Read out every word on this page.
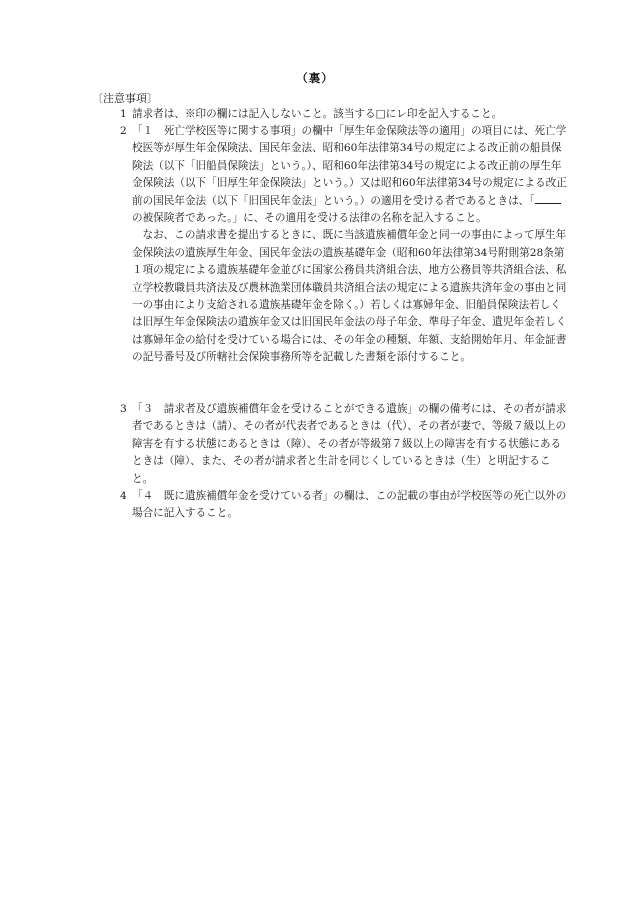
（裏）
〔注意事項〕
1 請求者は、※印の欄には記入しないこと。該当する□にレ印を記入すること。
2 「１　死亡学校医等に関する事項」の欄中「厚生年金保険法等の適用」の項目には、死亡学校医等が厚生年金保険法、国民年金法、昭和60年法律第34号の規定による改正前の船員保険法（以下「旧船員保険法」という。）、昭和60年法律第34号の規定による改正前の厚生年金保険法（以下「旧厚生年金保険法」という。）又は昭和60年法律第34号の規定による改正前の国民年金法（以下「旧国民年金法」という。）の適用を受ける者であるときは、「の被保険者であった。」に、その適用を受ける法律の名称を記入すること。
なお、この請求書を提出するときに、既に当該遺族補償年金と同一の事由によって厚生年金保険法の遺族厚生年金、国民年金法の遺族基礎年金（昭和60年法律第34号附則第28条第１項の規定による遺族基礎年金並びに国家公務員共済組合法、地方公務員等共済組合法、私立学校教職員共済法及び農林漁業団体職員共済組合法の規定による遺族共済年金の事由と同一の事由により支給される遺族基礎年金を除く。）若しくは寡婦年金、旧船員保険法若しくは旧厚生年金保険法の遺族年金又は旧国民年金法の母子年金、準母子年金、遺児年金若しくは寡婦年金の給付を受けている場合には、その年金の種類、年額、支給開始年月、年金証書の記号番号及び所轄社会保険事務所等を記載した書類を添付すること。
3 「３　請求者及び遺族補償年金を受けることができる遺族」の欄の備考には、その者が請求者であるときは（請）、その者が代表者であるときは（代）、その者が妻で、等級７級以上の障害を有する状態にあるときは（障）、その者が等級第７級以上の障害を有する状態にあるときは（障）、また、その者が請求者と生計を同じくしているときは（生）と明記すること。
4 「４　既に遺族補償年金を受けている者」の欄は、この記載の事由が学校医等の死亡以外の場合に記入すること。
